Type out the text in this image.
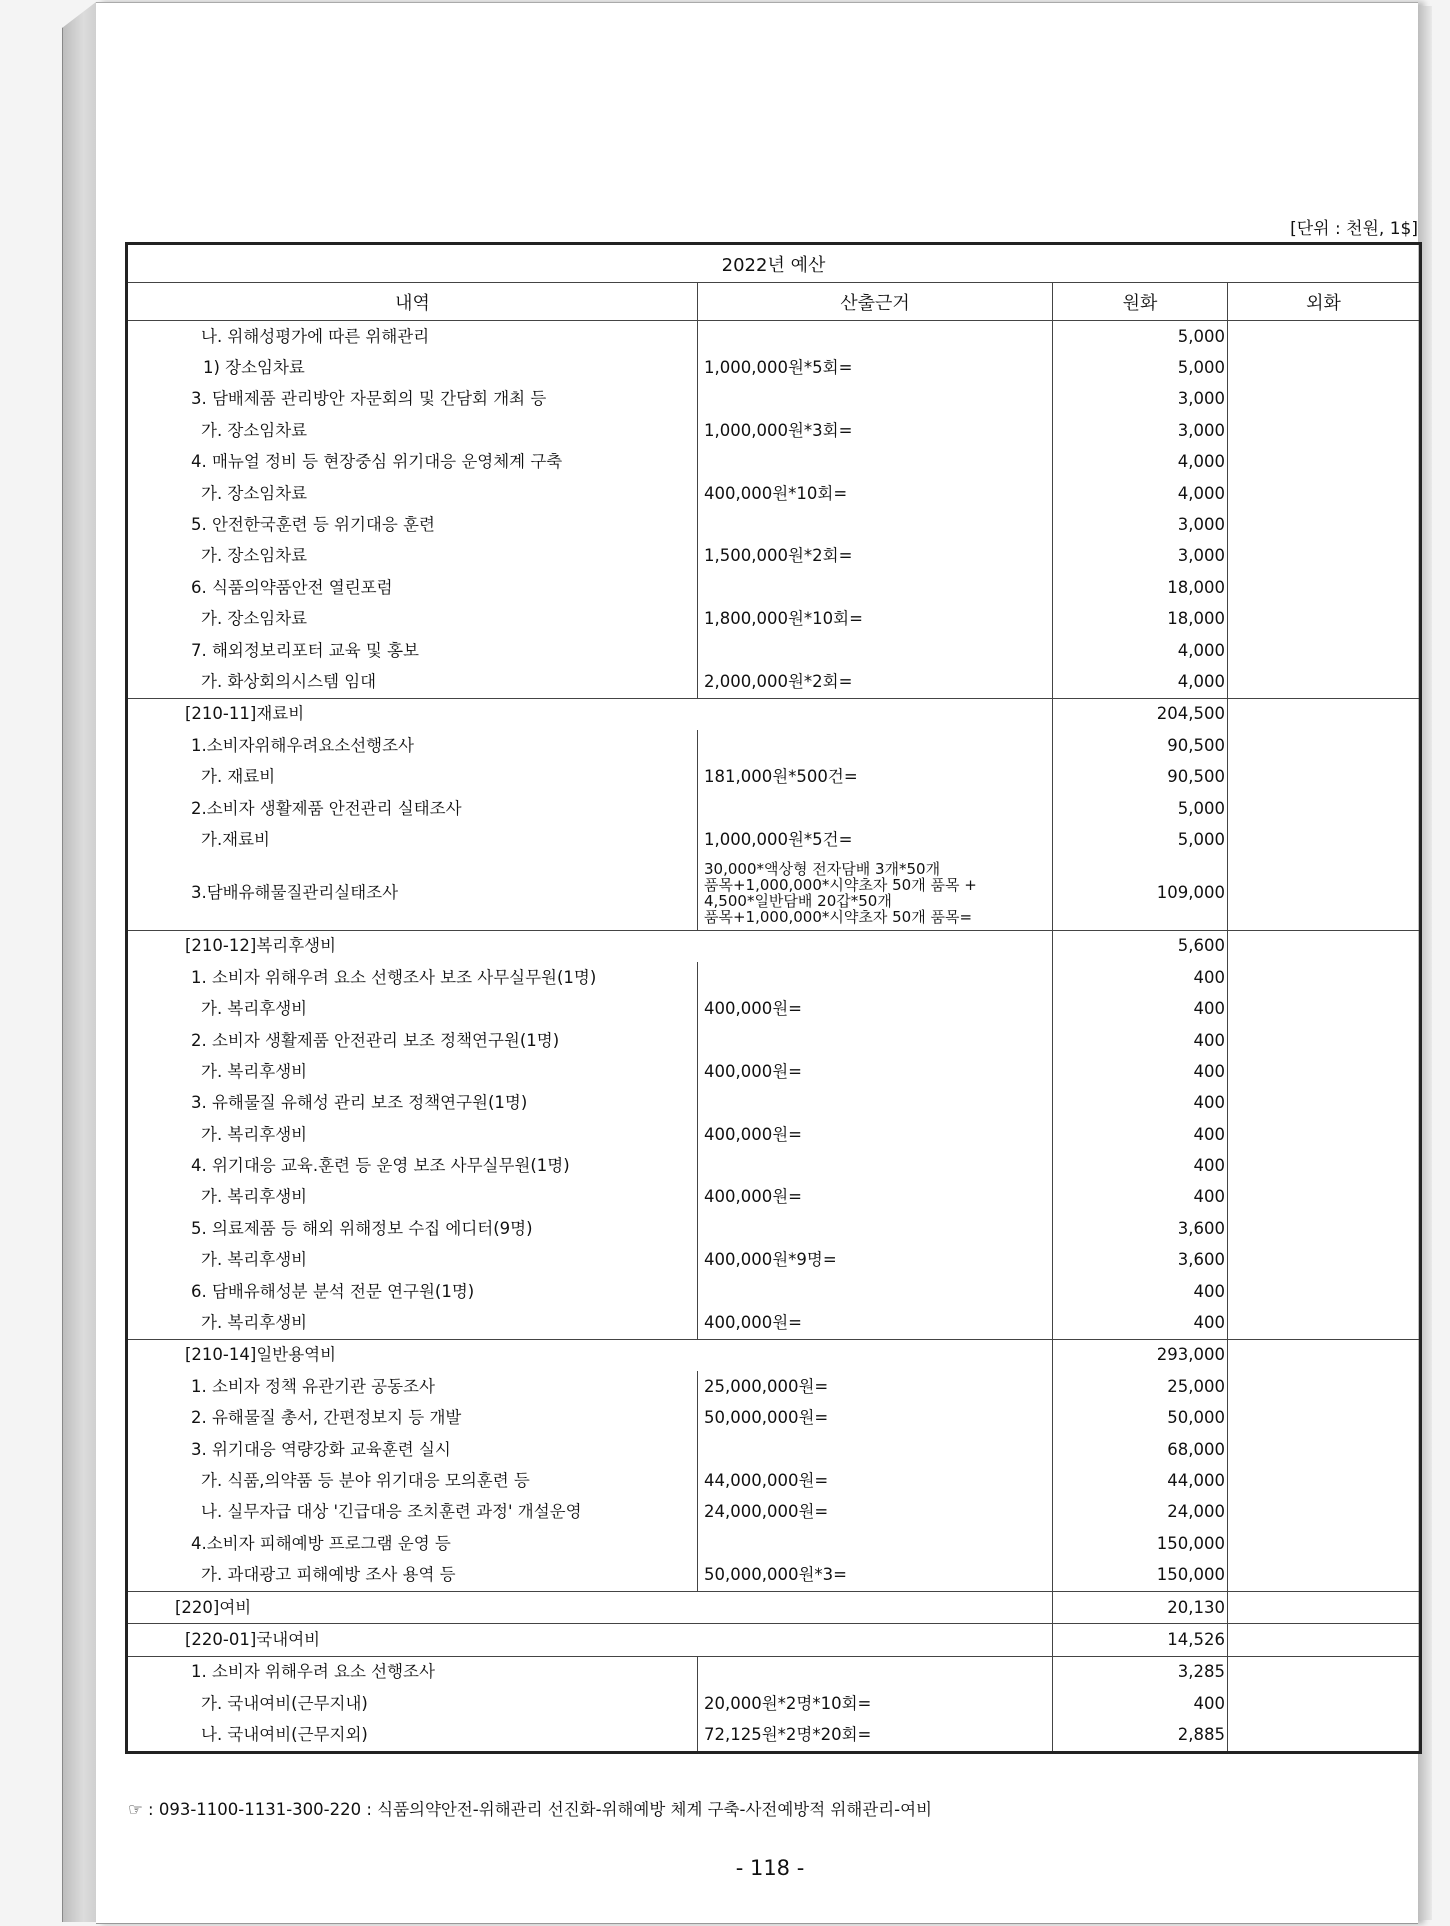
[단위 : 천원, 1$]
2022년 예산			
내역	산출근거	원화	외화
나. 위해성평가에 따른 위해관리		5,000	
1) 장소임차료	1,000,000원*5회=	5,000	
3. 담배제품 관리방안 자문회의 및 간담회 개최 등		3,000	
가. 장소임차료	1,000,000원*3회=	3,000	
4. 매뉴얼 정비 등 현장중심 위기대응 운영체계 구축		4,000	
가. 장소임차료	400,000원*10회=	4,000	
5. 안전한국훈련 등 위기대응 훈련		3,000	
가. 장소임차료	1,500,000원*2회=	3,000	
6. 식품의약품안전 열린포럼		18,000	
가. 장소임차료	1,800,000원*10회=	18,000	
7. 해외정보리포터 교육 및 홍보		4,000	
가. 화상회의시스템 임대	2,000,000원*2회=	4,000	
[210-11]재료비		204,500	
1.소비자위해우려요소선행조사		90,500	
가. 재료비	181,000원*500건=	90,500	
2.소비자 생활제품 안전관리 실태조사		5,000	
가.재료비	1,000,000원*5건=	5,000	
3.담배유해물질관리실태조사	30,000*액상형 전자담배 3개*50개
품목+1,000,000*시약초자 50개 품목 +
4,500*일반담배 20갑*50개
품목+1,000,000*시약초자 50개 품목=	109,000	
[210-12]복리후생비		5,600	
1. 소비자 위해우려 요소 선행조사 보조 사무실무원(1명)		400	
가. 복리후생비	400,000원=	400	
2. 소비자 생활제품 안전관리 보조 정책연구원(1명)		400	
가. 복리후생비	400,000원=	400	
3. 유해물질 유해성 관리 보조 정책연구원(1명)		400	
가. 복리후생비	400,000원=	400	
4. 위기대응 교육.훈련 등 운영 보조 사무실무원(1명)		400	
가. 복리후생비	400,000원=	400	
5. 의료제품 등 해외 위해정보 수집 에디터(9명)		3,600	
가. 복리후생비	400,000원*9명=	3,600	
6. 담배유해성분 분석 전문 연구원(1명)		400	
가. 복리후생비	400,000원=	400	
[210-14]일반용역비		293,000	
1. 소비자 정책 유관기관 공동조사	25,000,000원=	25,000	
2. 유해물질 총서, 간편정보지 등 개발	50,000,000원=	50,000	
3. 위기대응 역량강화 교육훈련 실시		68,000	
가. 식품,의약품 등 분야 위기대응 모의훈련 등	44,000,000원=	44,000	
나. 실무자급 대상 '긴급대응 조치훈련 과정' 개설운영	24,000,000원=	24,000	
4.소비자 피해예방 프로그램 운영 등		150,000	
가. 과대광고 피해예방 조사 용역 등	50,000,000원*3=	150,000	
[220]여비		20,130	
[220-01]국내여비		14,526	
1. 소비자 위해우려 요소 선행조사		3,285	
가. 국내여비(근무지내)	20,000원*2명*10회=	400	
나. 국내여비(근무지외)	72,125원*2명*20회=	2,885	
☞ : 093-1100-1131-300-220 : 식품의약안전-위해관리 선진화-위해예방 체계 구축-사전예방적 위해관리-여비
- 118 -
